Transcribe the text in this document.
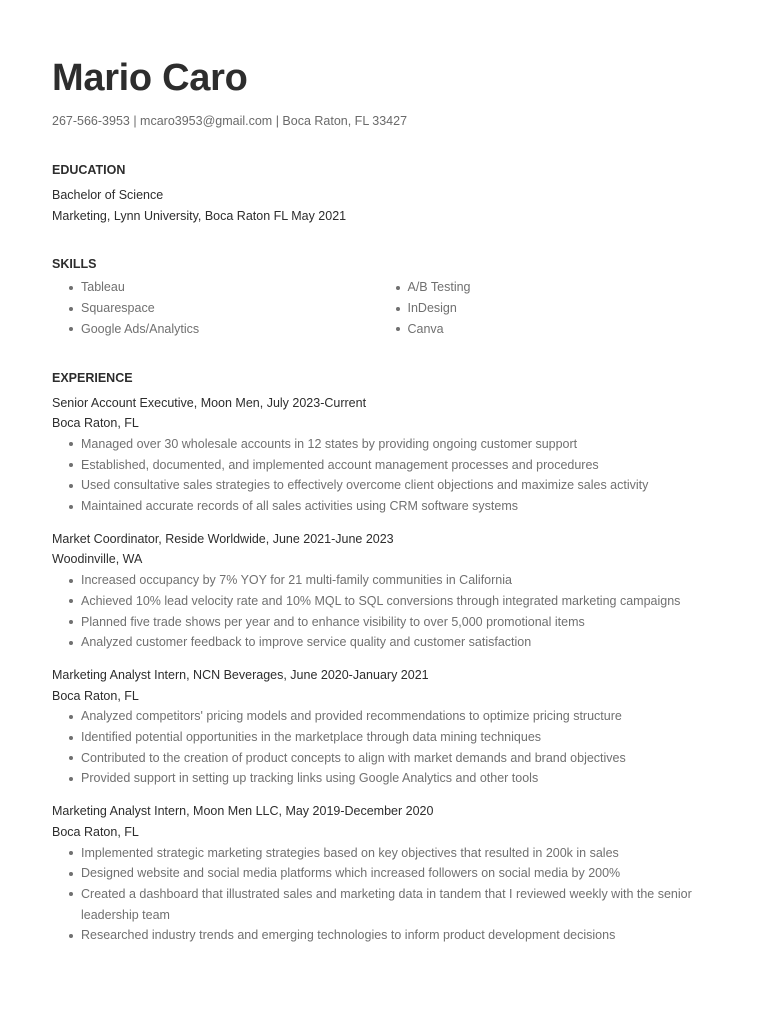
Mario Caro
267-566-3953 | mcaro3953@gmail.com | Boca Raton, FL 33427
EDUCATION
Bachelor of Science
Marketing, Lynn University, Boca Raton FL May 2021
SKILLS
Tableau
Squarespace
Google Ads/Analytics
A/B Testing
InDesign
Canva
EXPERIENCE
Senior Account Executive, Moon Men, July 2023-Current
Boca Raton, FL
Managed over 30 wholesale accounts in 12 states by providing ongoing customer support
Established, documented, and implemented account management processes and procedures
Used consultative sales strategies to effectively overcome client objections and maximize sales activity
Maintained accurate records of all sales activities using CRM software systems
Market Coordinator, Reside Worldwide, June 2021-June 2023
Woodinville, WA
Increased occupancy by 7% YOY for 21 multi-family communities in California
Achieved 10% lead velocity rate and 10% MQL to SQL conversions through integrated marketing campaigns
Planned five trade shows per year and to enhance visibility to over 5,000 promotional items
Analyzed customer feedback to improve service quality and customer satisfaction
Marketing Analyst Intern, NCN Beverages, June 2020-January 2021
Boca Raton, FL
Analyzed competitors' pricing models and provided recommendations to optimize pricing structure
Identified potential opportunities in the marketplace through data mining techniques
Contributed to the creation of product concepts to align with market demands and brand objectives
Provided support in setting up tracking links using Google Analytics and other tools
Marketing Analyst Intern, Moon Men LLC, May 2019-December 2020
Boca Raton, FL
Implemented strategic marketing strategies based on key objectives that resulted in 200k in sales
Designed website and social media platforms which increased followers on social media by 200%
Created a dashboard that illustrated sales and marketing data in tandem that I reviewed weekly with the senior leadership team
Researched industry trends and emerging technologies to inform product development decisions
